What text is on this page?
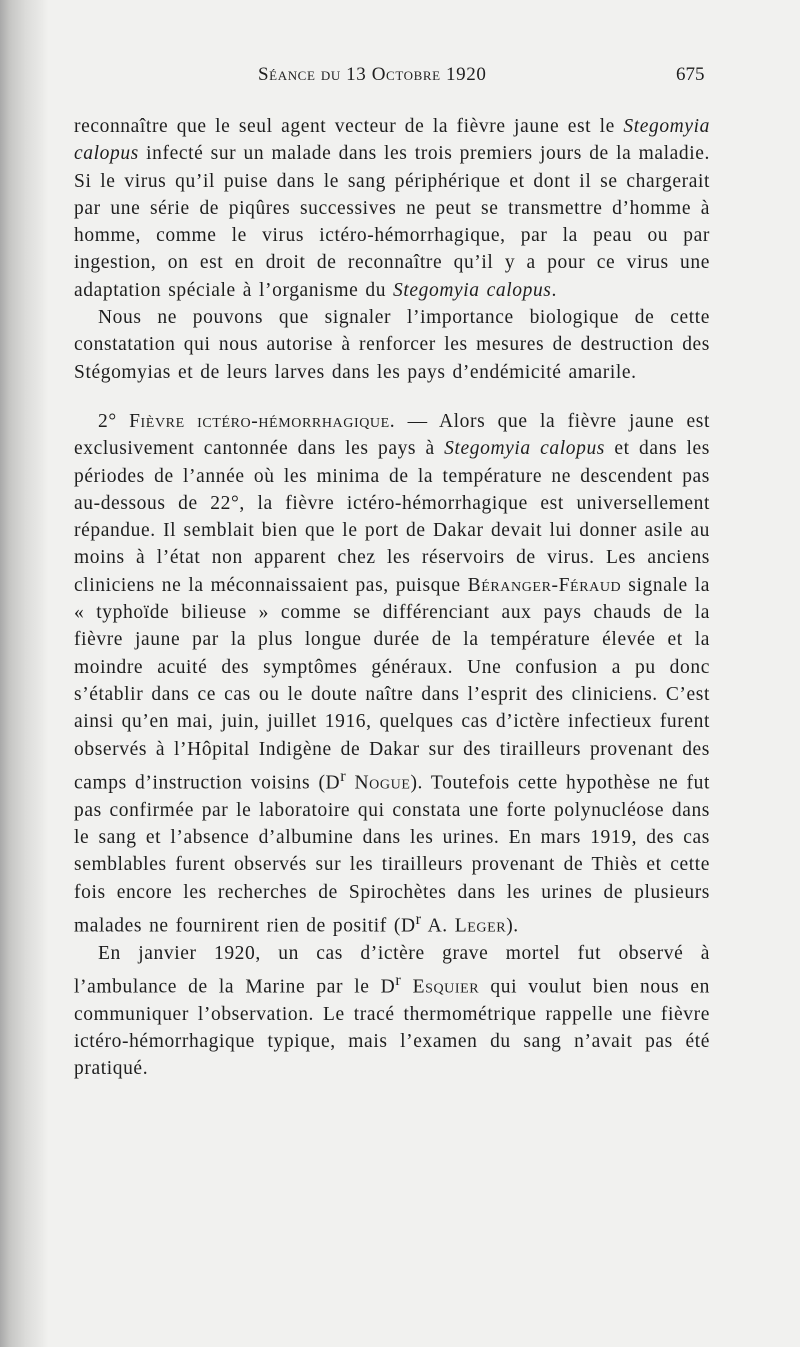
Séance du 13 Octobre 1920	675

reconnaître que le seul agent vecteur de la fièvre jaune est le Stegomyia calopus infecté sur un malade dans les trois premiers jours de la maladie. Si le virus qu’il puise dans le sang périphérique et dont il se chargerait par une série de piqûres successives ne peut se transmettre d’homme à homme, comme le virus ictéro-hémorrhagique, par la peau ou par ingestion, on est en droit de reconnaître qu’il y a pour ce virus une adaptation spéciale à l’organisme du Stegomyia calopus.

Nous ne pouvons que signaler l’importance biologique de cette constatation qui nous autorise à renforcer les mesures de destruction des Stégomyias et de leurs larves dans les pays d’endémicité amarile.

2° Fièvre ictéro-hémorrhagique. — Alors que la fièvre jaune est exclusivement cantonnée dans les pays à Stegomyia calopus et dans les périodes de l’année où les minima de la température ne descendent pas au-dessous de 22°, la fièvre ictéro-hémorrhagique est universellement répandue. Il semblait bien que le port de Dakar devait lui donner asile au moins à l’état non apparent chez les réservoirs de virus. Les anciens cliniciens ne la méconnaissaient pas, puisque Béranger-Féraud signale la « typhoïde bilieuse » comme se différenciant aux pays chauds de la fièvre jaune par la plus longue durée de la température élevée et la moindre acuité des symptômes généraux. Une confusion a pu donc s’établir dans ce cas ou le doute naître dans l’esprit des cliniciens. C’est ainsi qu’en mai, juin, juillet 1916, quelques cas d’ictère infectieux furent observés à l’Hôpital Indigène de Dakar sur des tirailleurs provenant des camps d’instruction voisins ($D^r$ Nogue). Toutefois cette hypothèse ne fut pas confirmée par le laboratoire qui constata une forte polynucléose dans le sang et l’absence d’albumine dans les urines. En mars 1919, des cas semblables furent observés sur les tirailleurs provenant de Thiès et cette fois encore les recherches de Spirochètes dans les urines de plusieurs malades ne fournirent rien de positif ($D^r$ A. Leger).

En janvier 1920, un cas d’ictère grave mortel fut observé à l’ambulance de la Marine par le $D^r$ Esquier qui voulut bien nous en communiquer l’observation. Le tracé thermométrique rappelle une fièvre ictéro-hémorrhagique typique, mais l’examen du sang n’avait pas été pratiqué.
